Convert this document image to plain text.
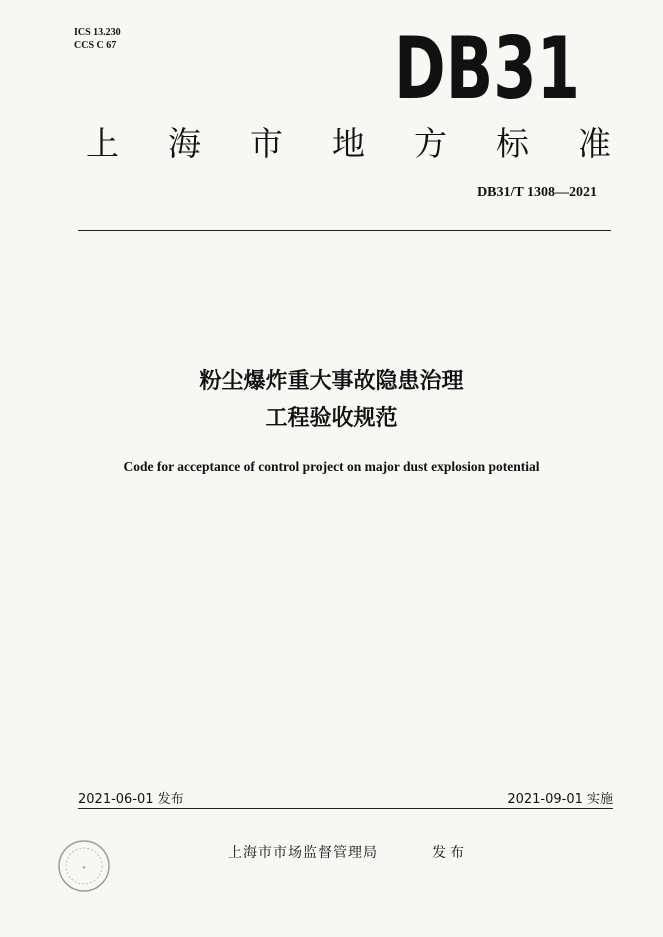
ICS 13.230
CCS C 67	DB31
上 海 市 地 方 标 准
DB31/T 1308—2021
粉尘爆炸重大事故隐患治理
工程验收规范
Code for acceptance of control project on major dust explosion potential
2021-06-01 发布	2021-09-01 实施
★
上海市市场监督管理局	发布
